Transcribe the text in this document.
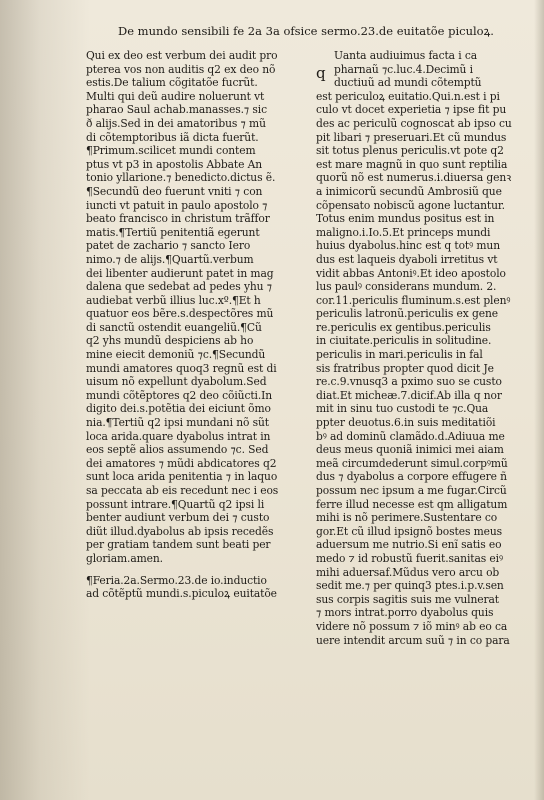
De mundo sensibili fe 2a 3a ofsice sermo.23.de euitatõe piculoꝝ.
Qui ex deo est verbum dei audit pro
pterea vos non auditis q2 ex deo nõ
estis.De talium cõgitatõe fucrũt.
Multi qui deũ audire noluerunt vt
pharao Saul achab.manasses.⁊ sic
ð alijs.Sed in dei amatoribus ⁊ mũ
di cõtemptoribus iã dicta fuerũt.
¶Primum.scilicet mundi contem
ptus vt p3 in apostolis Abbate An
tonio yllarione.⁊ benedicto.dictus ẽ.
¶Secundũ deo fuerunt vniti ⁊ con
iuncti vt patuit in paulo apostolo ⁊
beato francisco in christum trãffor
matis.¶Tertiũ penitentiã egerunt
patet de zachario ⁊ sancto Iero
nimo.⁊ de alijs.¶Quartũ.verbum
dei libenter audierunt patet in mag
dalena que sedebat ad pedes yhu ⁊
audiebat verbũ illius luc.xº.¶Et h
quatuor eos bẽre.s.despectõres mũ
di sanctũ ostendit euangeliũ.¶Cũ
q2 yhs mundũ despiciens ab ho
mine eiecit demoniũ ⁊c.¶Secundũ
mundi amatores quoq3 regnũ est di
uisum nõ expellunt dyabolum.Sed
mundi cõtẽptores q2 deo cõiũcti.In
digito dei.s.potẽtia dei eiciunt õmo
nia.¶Tertiũ q2 ipsi mundani nõ sũt
loca arida.quare dyabolus intrat in
eos septẽ alios assumendo ⁊c. Sed
dei amatores ⁊ mũdi abdicatores q2
sunt loca arida penitentia ⁊ in laquo
sa peccata ab eis recedunt nec i eos
possunt intrare.¶Quartũ q2 ipsi li
benter audiunt verbum dei ⁊ custo
diũt illud.dyabolus ab ipsis recedẽs
per gratiam tandem sunt beati per
gloriam.amen.
¶Feria.2a.Sermo.23.de io.inductio
ad cõtẽptũ mundi.s.piculoꝝ euitatõe
q
Uanta audiuimus facta i ca
pharnaũ ⁊c.luc.4.Decimũ i
ductiuũ ad mundi cõtemptũ
est periculoꝝ euitatio.Qui.n.est i pi
culo vt docet experietia ⁊ ipse fit pu
des ac periculũ cognoscat ab ipso cu
pit libari ⁊ preseruari.Et cũ mundus
sit totus plenus periculis.vt pote q2
est mare magnũ in quo sunt reptilia
quorũ nõ est numerus.i.diuersa genꝛ
a inimicorũ secundũ Ambrosiũ que
cõpensato nobiscũ agone luctantur.
Totus enim mundus positus est in
maligno.i.Io.5.Et princeps mundi
huius dyabolus.hinc est q totꝰ mun
dus est laqueis dyaboli irretitus vt
vidit abbas Antoniꝰ.Et ideo apostolo
lus paulꝰ considerans mundum. 2.
cor.11.periculis fluminum.s.est plenꝰ
periculis latronũ.periculis ex gene
re.periculis ex gentibus.periculis
in ciuitate.periculis in solitudine.
periculis in mari.periculis in fal
sis fratribus propter quod dicit Je
re.c.9.vnusq3 a pximo suo se custo
diat.Et micheæ.7.dicif.Ab illa q nor
mit in sinu tuo custodi te ⁊c.Qua
ppter deuotus.6.in suis meditatiõi
bꝰ ad dominũ clamãdo.d.Adiuua me
deus meus quoniã inimici mei aiam
meã circumdederunt simul.corpꝰmũ
dus ⁊ dyabolus a corpore effugere ñ
possum nec ipsum a me fugar.Circũ
ferre illud necesse est qm alligatum
mihi is nõ perimere.Sustentare co
gor.Et cũ illud ipsignõ bostes meus
aduersum me nutrio.Si enĩ satis eo
medo ⁊ id robustũ fuerit.sanitas eiꝰ
mihi aduersaf.Mũdus vero arcu ob
sedit me.⁊ per quinq3 ptes.i.p.v.sen
sus corpis sagitis suis me vulnerat
⁊ mors intrat.porro dyabolus quis
videre nõ possum ⁊ iõ minꝰ ab eo ca
uere intendit arcum suũ ⁊ in co para
